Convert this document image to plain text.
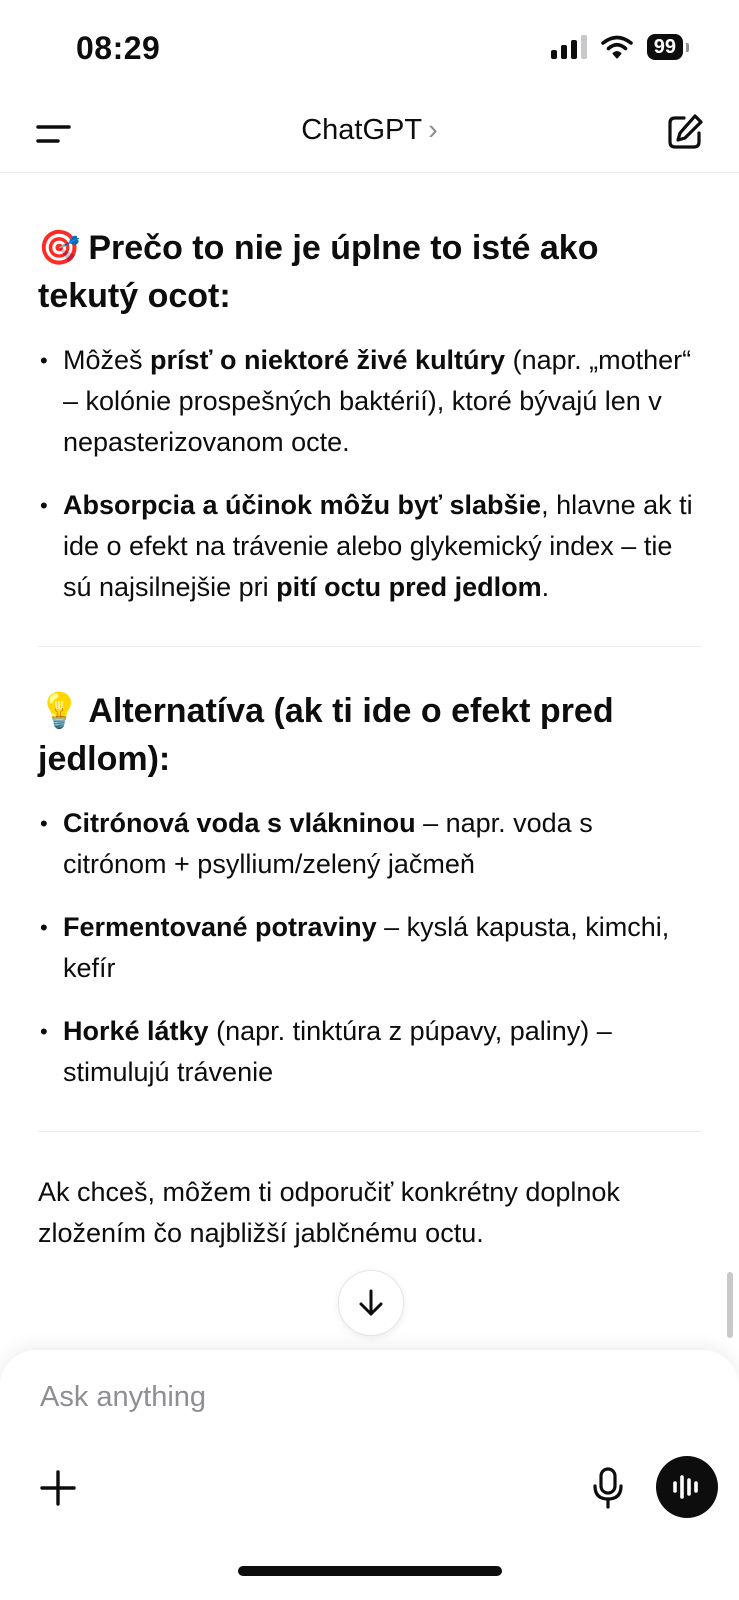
08:29	99
ChatGPT ›
🎯 Prečo to nie je úplne to isté ako tekutý ocot:
• Môžeš prísť o niektoré živé kultúry (napr. „mother“ – kolónie prospešných baktérií), ktoré bývajú len v nepasterizovanom octe.
• Absorpcia a účinok môžu byť slabšie, hlavne ak ti ide o efekt na trávenie alebo glykemický index – tie sú najsilnejšie pri pití octu pred jedlom.
💡 Alternatíva (ak ti ide o efekt pred jedlom):
• Citrónová voda s vlákninou – napr. voda s citrónom + psyllium/zelený jačmeň
• Fermentované potraviny – kyslá kapusta, kimchi, kefír
• Horké látky (napr. tinktúra z púpavy, paliny) – stimulujú trávenie

Ak chceš, môžem ti odporučiť konkrétny doplnok zložením čo najbližší jablčnému octu.

Ask anything
